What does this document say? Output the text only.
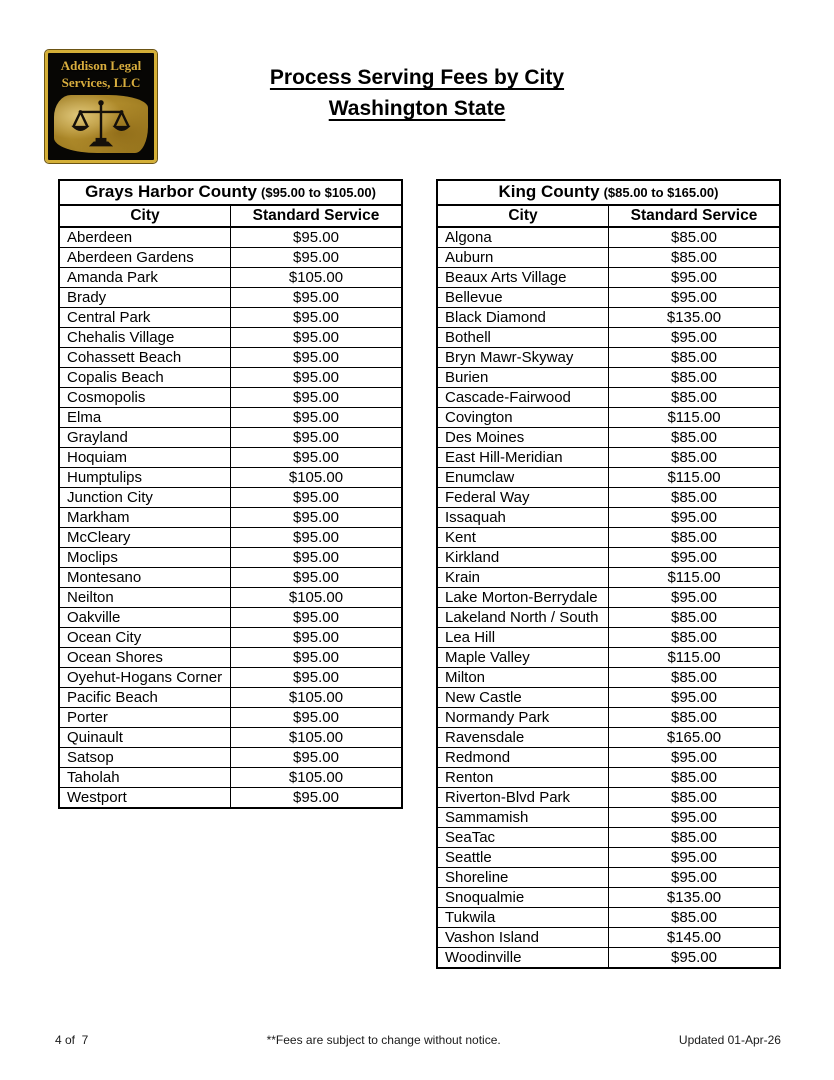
Addison Legal
Services, LLC	Process Serving Fees by City
Washington State
Grays Harbor County ($95.00 to $105.00)	
City	Standard Service
Aberdeen	$95.00
Aberdeen Gardens	$95.00
Amanda Park	$105.00
Brady	$95.00
Central Park	$95.00
Chehalis Village	$95.00
Cohassett Beach	$95.00
Copalis Beach	$95.00
Cosmopolis	$95.00
Elma	$95.00
Grayland	$95.00
Hoquiam	$95.00
Humptulips	$105.00
Junction City	$95.00
Markham	$95.00
McCleary	$95.00
Moclips	$95.00
Montesano	$95.00
Neilton	$105.00
Oakville	$95.00
Ocean City	$95.00
Ocean Shores	$95.00
Oyehut-Hogans Corner	$95.00
Pacific Beach	$105.00
Porter	$95.00
Quinault	$105.00
Satsop	$95.00
Taholah	$105.00
Westport	$95.00
King County ($85.00 to $165.00)	
City	Standard Service
Algona	$85.00
Auburn	$85.00
Beaux Arts Village	$95.00
Bellevue	$95.00
Black Diamond	$135.00
Bothell	$95.00
Bryn Mawr-Skyway	$85.00
Burien	$85.00
Cascade-Fairwood	$85.00
Covington	$115.00
Des Moines	$85.00
East Hill-Meridian	$85.00
Enumclaw	$115.00
Federal Way	$85.00
Issaquah	$95.00
Kent	$85.00
Kirkland	$95.00
Krain	$115.00
Lake Morton-Berrydale	$95.00
Lakeland North / South	$85.00
Lea Hill	$85.00
Maple Valley	$115.00
Milton	$85.00
New Castle	$95.00
Normandy Park	$85.00
Ravensdale	$165.00
Redmond	$95.00
Renton	$85.00
Riverton-Blvd Park	$85.00
Sammamish	$95.00
SeaTac	$85.00
Seattle	$95.00
Shoreline	$95.00
Snoqualmie	$135.00
Tukwila	$85.00
Vashon Island	$145.00
Woodinville	$95.00
4 of  7	**Fees are subject to change without notice.	Updated 01-Apr-26
